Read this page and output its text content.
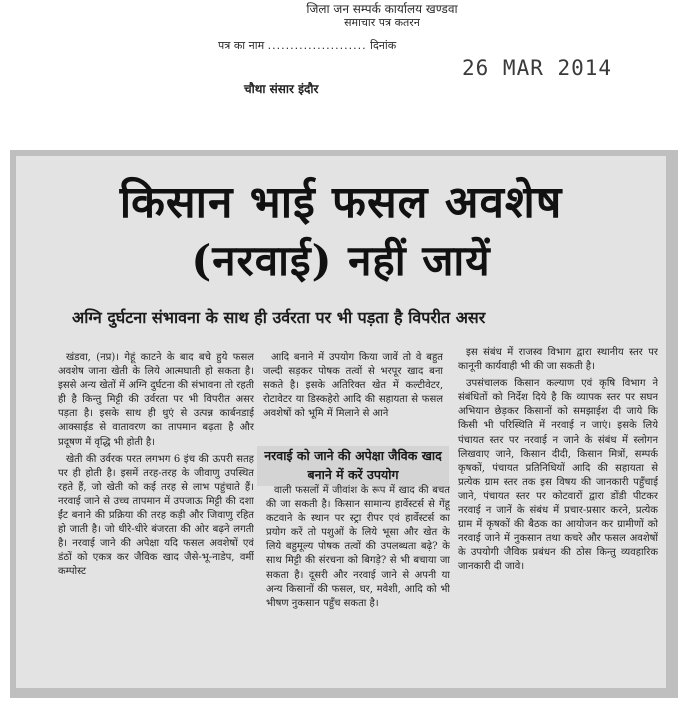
जिला जन सम्पर्क कार्यालय खण्डवा
समाचार पत्र कतरन
पत्र का नाम ...................... दिनांक
26 MAR 2014
चौथा संसार इंदौर
किसान भाई फसल अवशेष
(नरवाई) नहीं जायें
अग्नि दुर्घटना संभावना के साथ ही उर्वरता पर भी पड़ता है विपरीत असर

खंडवा, (नप्र)। गेहूं काटने के बाद बचे हुये फसल अवशेष जाना खेती के लिये आत्मघाती हो सकता है। इससे अन्य खेतों में अग्नि दुर्घटना की संभावना तो रहती ही है किन्तु मिट्टी की उर्वरता पर भी विपरीत असर पड़ता है। इसके साथ ही धुएं से उत्पन्न कार्बनडाई आक्साईड से वातावरण का तापमान बढ़ता है और प्रदूषण में वृद्धि भी होती है।

खेती की उर्वरक परत लगभग 6 इंच की ऊपरी सतह पर ही होती है। इसमें तरह-तरह के जीवाणु उपस्थित रहते हैं, जो खेती को कई तरह से लाभ पहुंचाते हैं। नरवाई जाने से उच्च तापमान में उपजाऊ मिट्टी की दशा ईंट बनाने की प्रक्रिया की तरह कड़ी और जिवाणु रहित हो जाती है। जो धीरे-धीरे बंजरता की ओर बढ़ने लगती है। नरवाई जाने की अपेक्षा यदि फसल अवशेषों एवं डंठों को एकत्र कर जैविक खाद जैसे-भू-नाडेप, वर्मी कम्पोस्ट

आदि बनाने में उपयोग किया जावें तो वे बहुत जल्दी सड़कर पोषक तत्वों से भरपूर खाद बना सकते है। इसके अतिरिक्त खेत में कल्टीवेटर, रोटावेटर या डिस्कहेरो आदि की सहायता से फसल अवशेषों को भूमि में मिलाने से आने

नरवाई को जाने की अपेक्षा जैविक खाद बनाने में करें उपयोग

वाली फसलों में जीवांश के रूप में खाद की बचत की जा सकती है। किसान सामान्य हार्वेस्टर्स से गेंहू कटवाने के स्थान पर स्ट्रा रीपर एवं हार्वेस्टर्स का प्रयोग करें तो पशुओं के लिये भूसा और खेत के लिये बहुमूल्य पोषक तत्वों की उपलब्धता बढ़े? के साथ मिट्टी की संरचना को बिगड़े? से भी बचाया जा सकता है। दूसरी और नरवाई जाने से अपनी या अन्य किसानों की फसल, घर, मवेशी, आदि को भी भीषण नुकसान पहुँच सकता है।

इस संबंध में राजस्व विभाग द्वारा स्थानीय स्तर पर कानूनी कार्यवाही भी की जा सकती है।

उपसंचालक किसान कल्याण एवं कृषि विभाग ने संबंधितों को निर्देश दिये है कि व्यापक स्तर पर सघन अभियान छेड़कर किसानों को समझाईश दी जाये कि किसी भी परिस्थिति में नरवाई न जाएं। इसके लिये पंचायत स्तर पर नरवाई न जाने के संबंध में स्लोगन लिखवाए जाने, किसान दीदी, किसान मित्रों, सम्पर्क कृषकों, पंचायत प्रतिनिधियों आदि की सहायता से प्रत्येक ग्राम स्तर तक इस विषय की जानकारी पहुँचाई जाने, पंचायत स्तर पर कोटवारों द्वारा डोंडी पीटकर नरवाई न जानें के संबंध में प्रचार-प्रसार करने, प्रत्येक ग्राम में कृषकों की बैठक का आयोजन कर ग्रामीणों को नरवाई जाने में नुकसान तथा कचरे और फसल अवशेषों के उपयोगी जैविक प्रबंधन की ठोस किन्तु व्यवहारिक जानकारी दी जावे।
